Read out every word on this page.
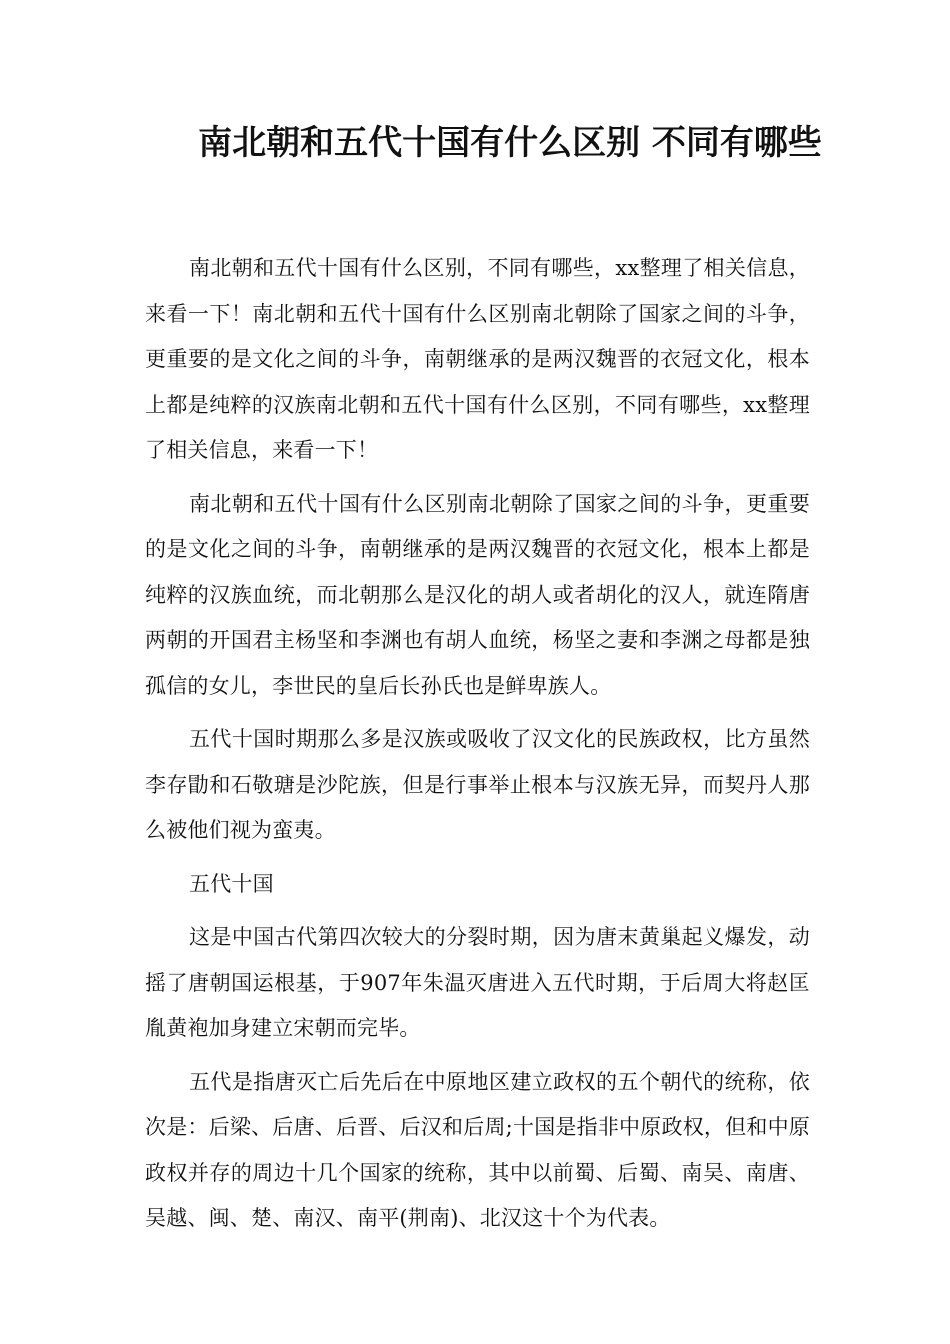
南北朝和五代十国有什么区别 不同有哪些

南北朝和五代十国有什么区别，不同有哪些，xx整理了相关信息，来看一下！南北朝和五代十国有什么区别南北朝除了国家之间的斗争，更重要的是文化之间的斗争，南朝继承的是两汉魏晋的衣冠文化，根本上都是纯粹的汉族南北朝和五代十国有什么区别，不同有哪些，xx整理了相关信息，来看一下！

南北朝和五代十国有什么区别南北朝除了国家之间的斗争，更重要的是文化之间的斗争，南朝继承的是两汉魏晋的衣冠文化，根本上都是纯粹的汉族血统，而北朝那么是汉化的胡人或者胡化的汉人，就连隋唐两朝的开国君主杨坚和李渊也有胡人血统，杨坚之妻和李渊之母都是独孤信的女儿，李世民的皇后长孙氏也是鲜卑族人。

五代十国时期那么多是汉族或吸收了汉文化的民族政权，比方虽然李存勖和石敬瑭是沙陀族，但是行事举止根本与汉族无异，而契丹人那么被他们视为蛮夷。

五代十国

这是中国古代第四次较大的分裂时期，因为唐末黄巢起义爆发，动摇了唐朝国运根基，于907年朱温灭唐进入五代时期，于后周大将赵匡胤黄袍加身建立宋朝而完毕。

五代是指唐灭亡后先后在中原地区建立政权的五个朝代的统称，依次是：后梁、后唐、后晋、后汉和后周;十国是指非中原政权，但和中原政权并存的周边十几个国家的统称，其中以前蜀、后蜀、南吴、南唐、吴越、闽、楚、南汉、南平(荆南)、北汉这十个为代表。
